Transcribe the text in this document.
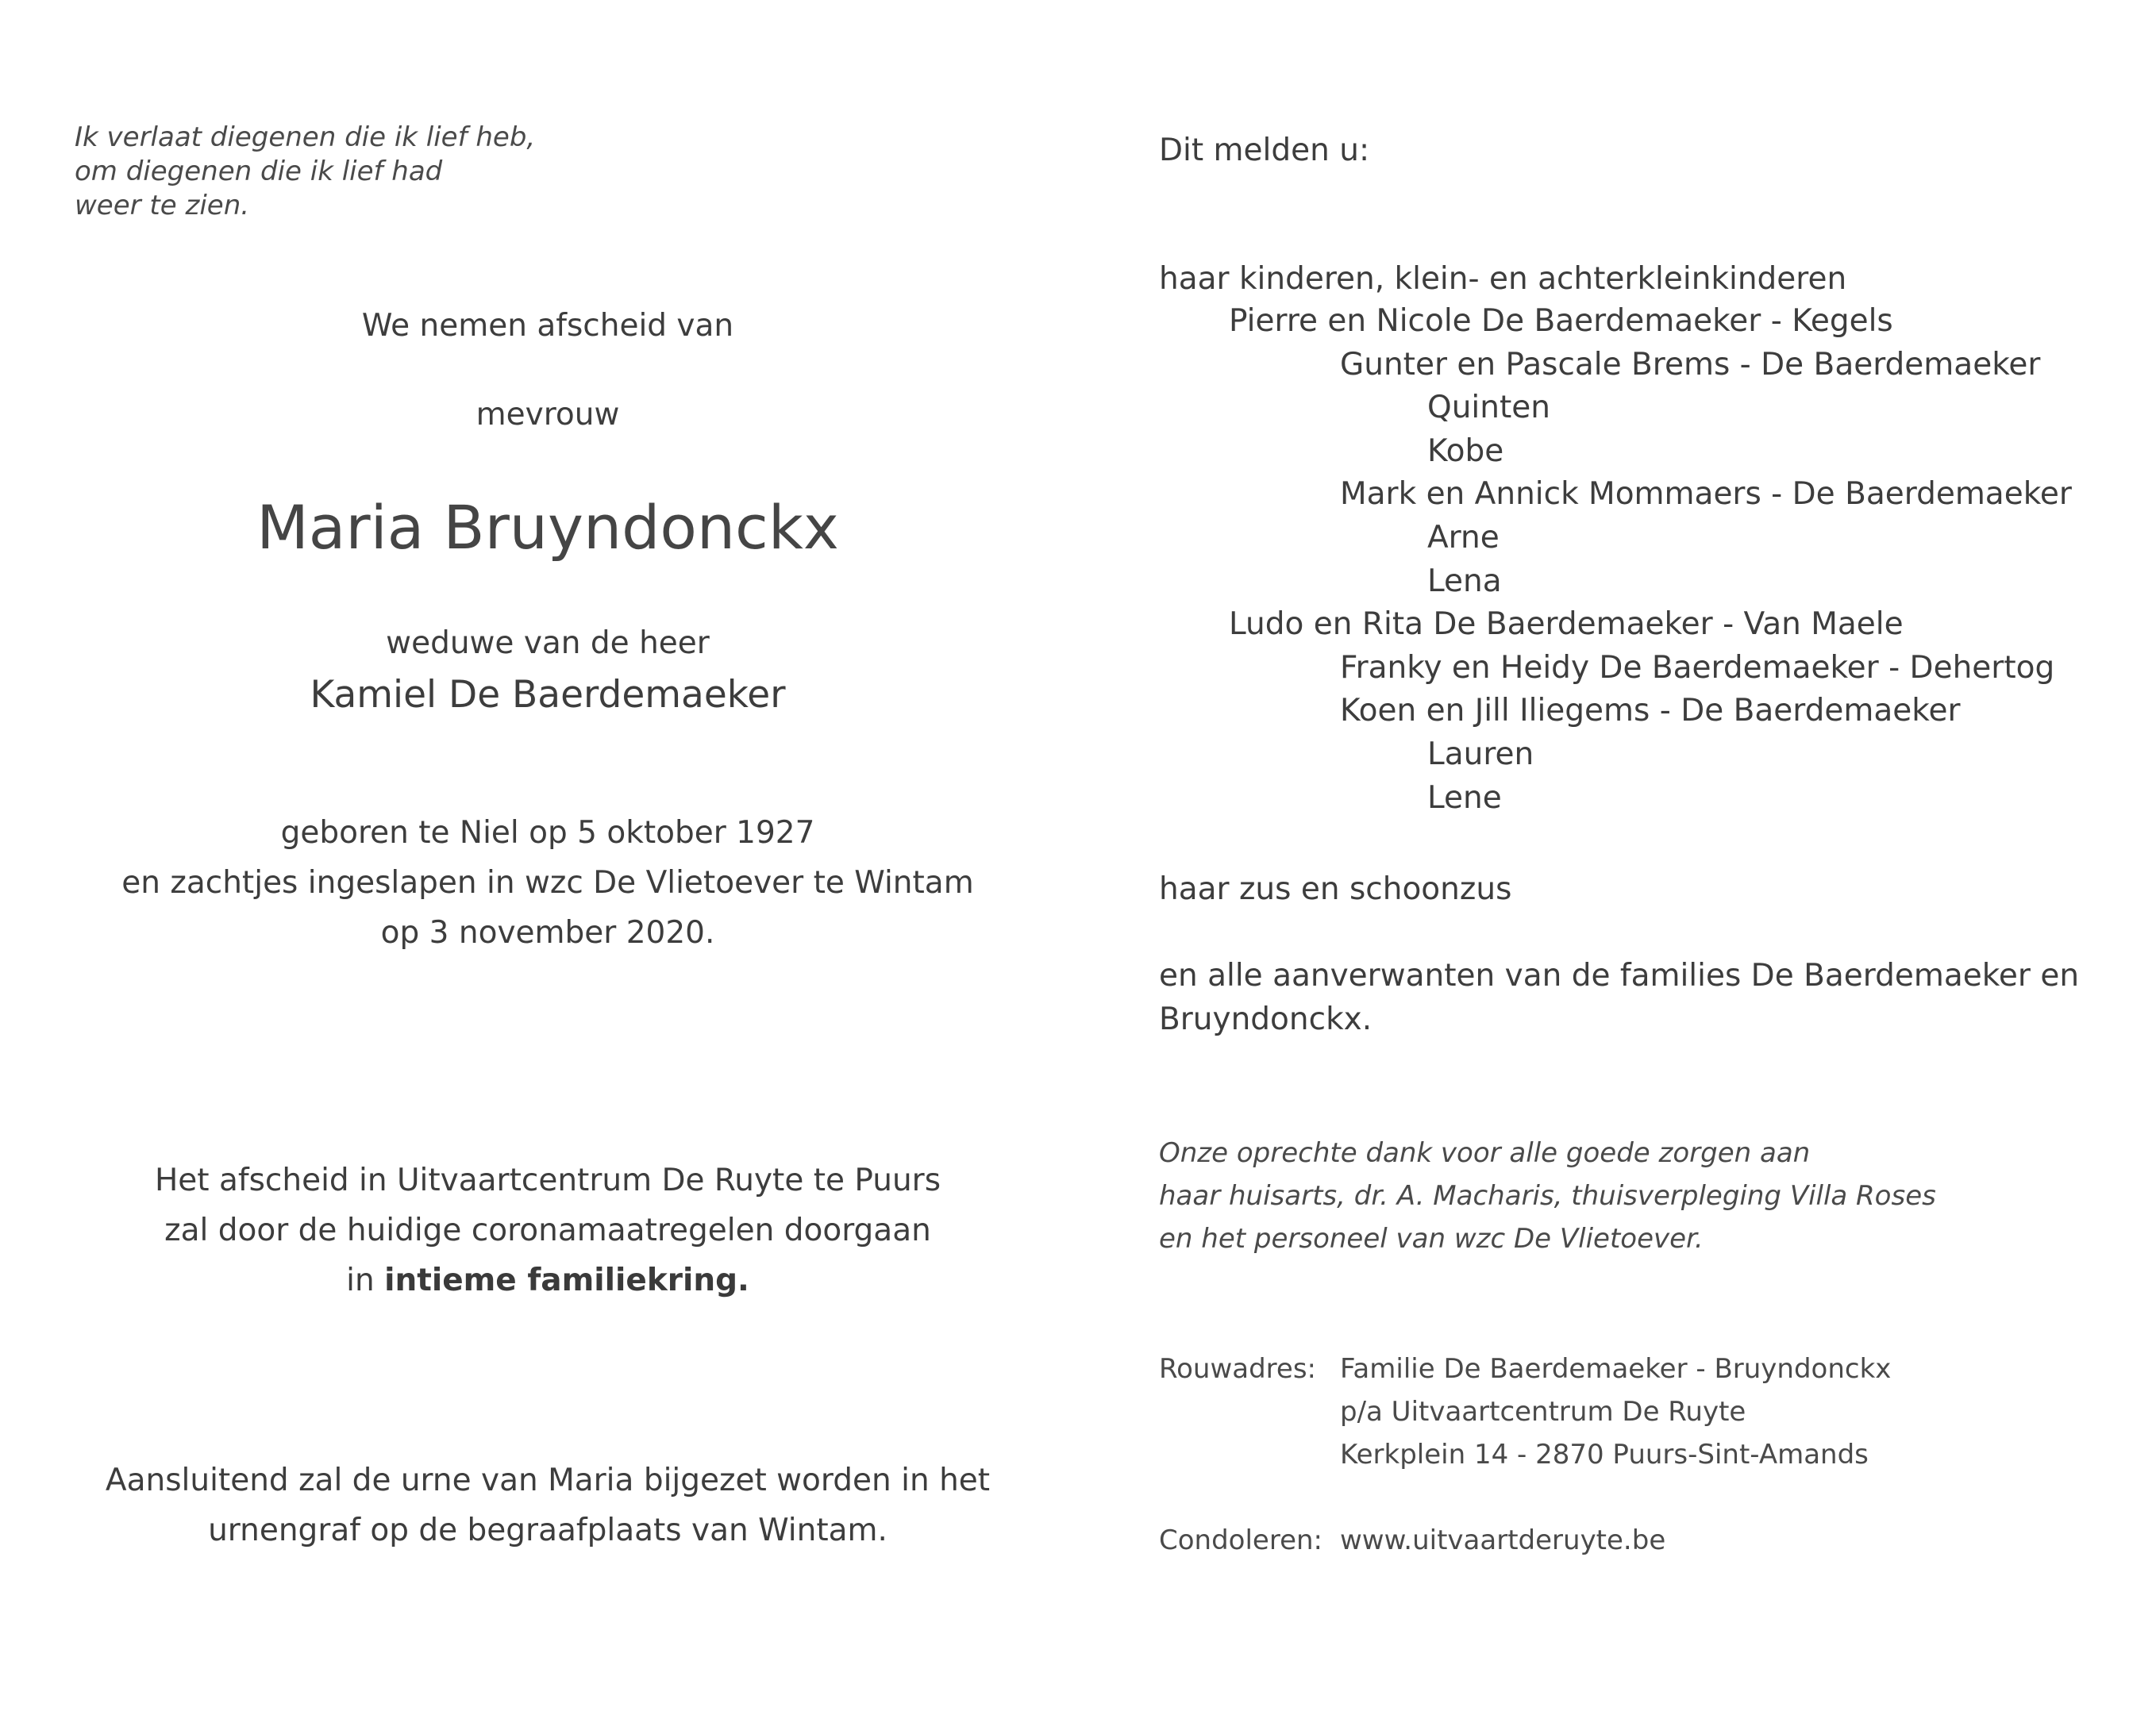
Ik verlaat diegenen die ik lief heb,
om diegenen die ik lief had
weer te zien.
We nemen afscheid van
mevrouw
Maria Bruyndonckx
weduwe van de heer
Kamiel De Baerdemaeker
geboren te Niel op 5 oktober 1927
en zachtjes ingeslapen in wzc De Vlietoever te Wintam
op 3 november 2020.
Het afscheid in Uitvaartcentrum De Ruyte te Puurs
zal door de huidige coronamaatregelen doorgaan
in intieme familiekring.
Aansluitend zal de urne van Maria bijgezet worden in het
urnengraf op de begraafplaats van Wintam.
Dit melden u:
haar kinderen, klein- en achterkleinkinderen
Pierre en Nicole De Baerdemaeker - Kegels
Gunter en Pascale Brems - De Baerdemaeker
Quinten
Kobe
Mark en Annick Mommaers - De Baerdemaeker
Arne
Lena
Ludo en Rita De Baerdemaeker - Van Maele
Franky en Heidy De Baerdemaeker - Dehertog
Koen en Jill Iliegems - De Baerdemaeker
Lauren
Lene
haar zus en schoonzus
en alle aanverwanten van de families De Baerdemaeker en
Bruyndonckx.
Onze oprechte dank voor alle goede zorgen aan
haar huisarts, dr. A. Macharis, thuisverpleging Villa Roses
en het personeel van wzc De Vlietoever.
Rouwadres: Familie De Baerdemaeker - Bruyndonckx
p/a Uitvaartcentrum De Ruyte
Kerkplein 14 - 2870 Puurs-Sint-Amands
Condoleren: www.uitvaartderuyte.be
